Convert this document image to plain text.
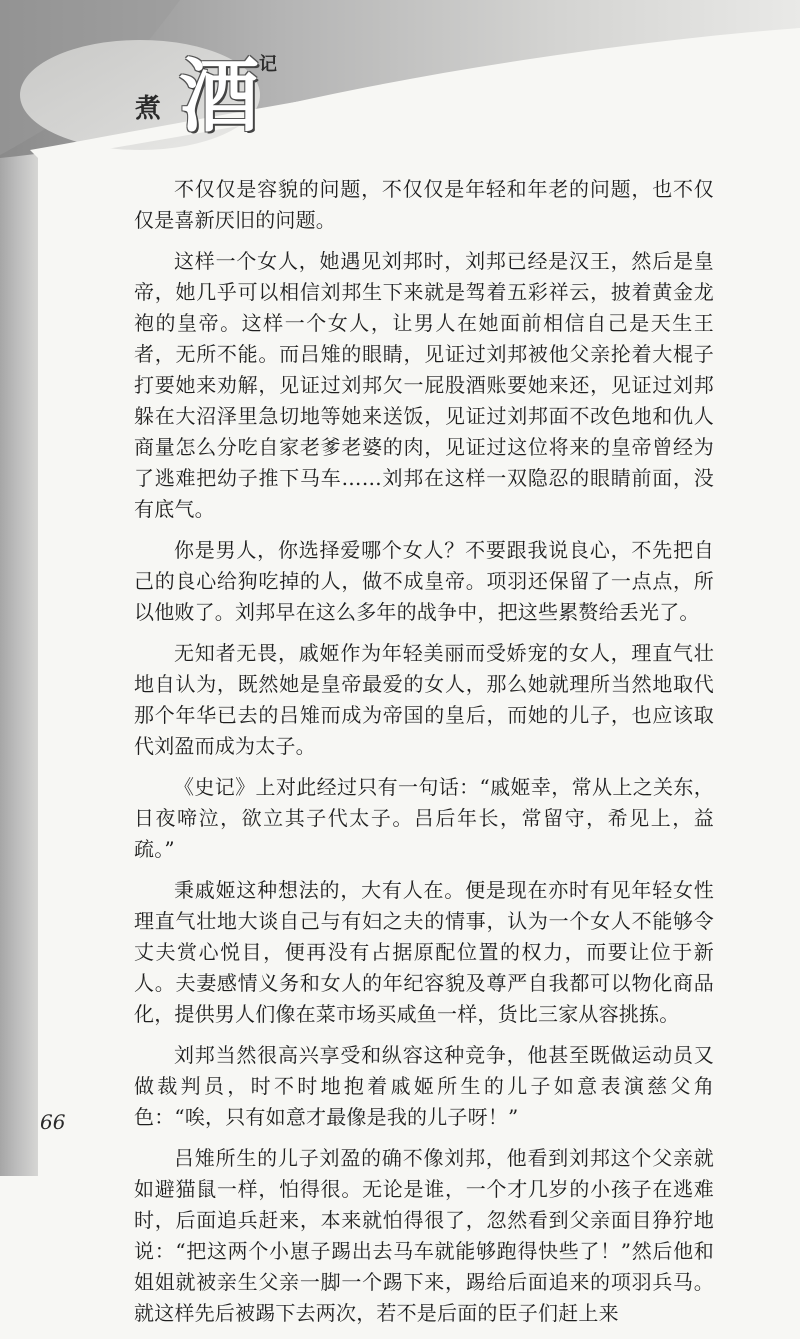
煮 酒 记

不仅仅是容貌的问题，不仅仅是年轻和年老的问题，也不仅仅是喜新厌旧的问题。

这样一个女人，她遇见刘邦时，刘邦已经是汉王，然后是皇帝，她几乎可以相信刘邦生下来就是驾着五彩祥云，披着黄金龙袍的皇帝。这样一个女人，让男人在她面前相信自己是天生王者，无所不能。而吕雉的眼睛，见证过刘邦被他父亲抡着大棍子打要她来劝解，见证过刘邦欠一屁股酒账要她来还，见证过刘邦躲在大沼泽里急切地等她来送饭，见证过刘邦面不改色地和仇人商量怎么分吃自家老爹老婆的肉，见证过这位将来的皇帝曾经为了逃难把幼子推下马车……刘邦在这样一双隐忍的眼睛前面，没有底气。

你是男人，你选择爱哪个女人？不要跟我说良心，不先把自己的良心给狗吃掉的人，做不成皇帝。项羽还保留了一点点，所以他败了。刘邦早在这么多年的战争中，把这些累赘给丢光了。

无知者无畏，戚姬作为年轻美丽而受娇宠的女人，理直气壮地自认为，既然她是皇帝最爱的女人，那么她就理所当然地取代那个年华已去的吕雉而成为帝国的皇后，而她的儿子，也应该取代刘盈而成为太子。

《史记》上对此经过只有一句话：“戚姬幸，常从上之关东，日夜啼泣，欲立其子代太子。吕后年长，常留守，希见上，益疏。”

秉戚姬这种想法的，大有人在。便是现在亦时有见年轻女性理直气壮地大谈自己与有妇之夫的情事，认为一个女人不能够令丈夫赏心悦目，便再没有占据原配位置的权力，而要让位于新人。夫妻感情义务和女人的年纪容貌及尊严自我都可以物化商品化，提供男人们像在菜市场买咸鱼一样，货比三家从容挑拣。

刘邦当然很高兴享受和纵容这种竞争，他甚至既做运动员又做裁判员，时不时地抱着戚姬所生的儿子如意表演慈父角色：“唉，只有如意才最像是我的儿子呀！”

吕雉所生的儿子刘盈的确不像刘邦，他看到刘邦这个父亲就如避猫鼠一样，怕得很。无论是谁，一个才几岁的小孩子在逃难时，后面追兵赶来，本来就怕得很了，忽然看到父亲面目狰狞地说：“把这两个小崽子踢出去马车就能够跑得快些了！”然后他和姐姐就被亲生父亲一脚一个踢下来，踢给后面追来的项羽兵马。就这样先后被踢下去两次，若不是后面的臣子们赶上来

66
